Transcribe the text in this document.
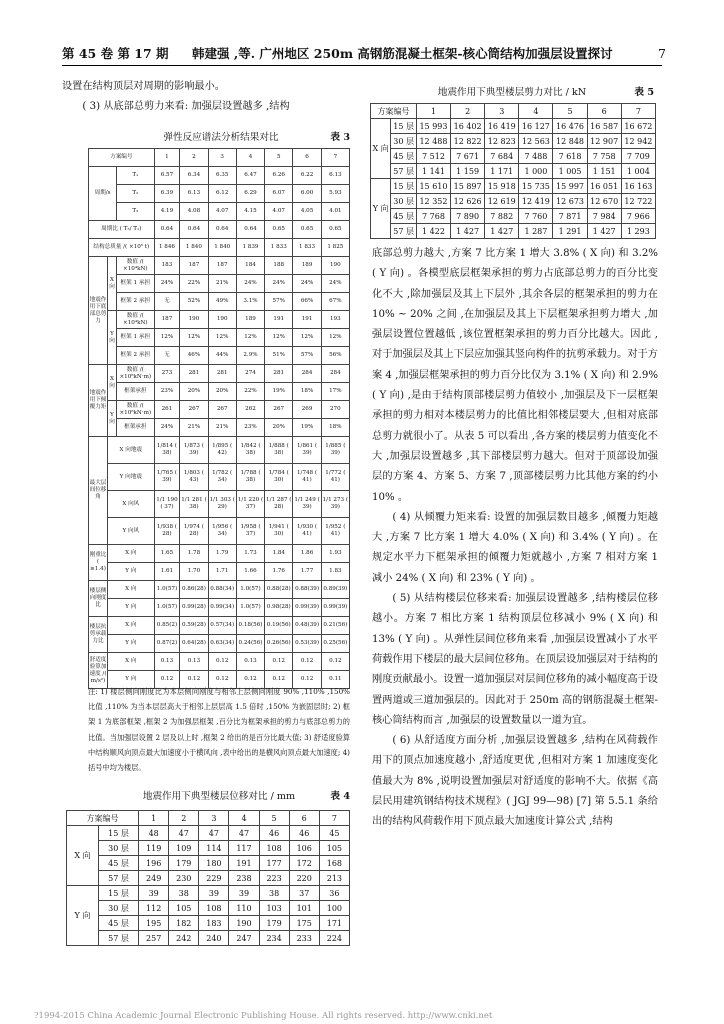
第 45 卷 第 17 期 韩建强 ,等. 广州地区 250m 高钢筋混凝土框架-核心筒结构加强层设置探讨	7

设置在结构顶层对周期的影响最小。

( 3) 从底部总剪力来看: 加强层设置越多 ,结构

弹性反应谱法分析结果对比	表 3
方案编号			1	2	3	4	5	6	7
周期/s		T₁	6.57	6.34	6.35	6.47	6.26	6.22	6.13
		T₂	6.39	6.13	6.12	6.29	6.07	6.00	5.93
		T₃	4.19	4.08	4.07	4.15	4.07	4.05	4.01
周期比 ( T₃/ T₁)			0.64	0.64	0.64	0.64	0.65	0.65	0.65
结构总质量 /( ×10⁵ t)			1 846	1 840	1 840	1 839	1 833	1 833	1 825
地震作用下底部总剪力	X 向	数值 /( ×10⁴kN)	183	187	187	184	188	189	190
		框架 1 承担	24%	22%	21%	24%	24%	24%	24%
		框架 2 承担	无	52%	49%	3.1%	57%	66%	67%
	Y 向	数值 /( ×10⁴kN)	187	190	190	189	191	191	193
		框架 1 承担	12%	12%	12%	12%	12%	12%	12%
		框架 2 承担	无	46%	44%	2.9%	51%	57%	56%
地震作用下倾覆力矩	X 向	数值 /( ×10⁶kN·m)	273	281	281	274	281	284	284
		框架承担	23%	20%	20%	22%	19%	18%	17%
	Y 向	数值 /( ×10⁶kN·m)	261	267	267	262	267	269	270
		框架承担	24%	21%	21%	23%	20%	19%	18%
最大层间位移角	X 向地震		1/814 ( 38)	1/873 ( 39)	1/895 ( 42)	1/842 ( 38)	1/888 ( 38)	1/861 ( 39)	1/885 ( 39)
	Y 向地震		1/765 ( 39)	1/803 ( 43)	1/782 ( 34)	1/788 ( 38)	1/784 ( 30)	1/748 ( 41)	1/772 ( 41)
	X 向风		1/1 190 ( 37)	1/1 281 ( 38)	1/1 303 ( 29)	1/1 220 ( 37)	1/1 287 ( 28)	1/1 249 ( 39)	1/1 273 ( 39)
	Y 向风		1/938 ( 28)	1/974 ( 28)	1/956 ( 34)	1/958 ( 37)	1/941 ( 30)	1/930 ( 41)	1/952 ( 41)
刚重比 ( ≥1.4)	X 向		1.65	1.78	1.79	1.73	1.84	1.86	1.93
	Y 向		1.61	1.70	1.71	1.66	1.76	1.77	1.83
楼层侧向刚度比	X 向		1.0(57)	0.86(28)	0.88(34)	1.0(57)	0.88(28)	0.88(39)	0.89(39)
	Y 向		1.0(57)	0.99(28)	0.99(34)	1.0(57)	0.98(28)	0.99(39)	0.99(39)
楼层抗剪承载力比	X 向		0.85(2)	0.59(28)	0.57(34)	0.18(56)	0.19(56)	0.48(39)	0.21(56)
	Y 向		0.87(2)	0.64(28)	0.63(34)	0.24(56)	0.26(56)	0.53(39)	0.25(56)
舒适度验算加速度 /( m/s²)	X 向		0.13	0.13	0.12	0.13	0.12	0.12	0.12
	Y 向		0.12	0.12	0.12	0.12	0.12	0.12	0.11
注: 1) 楼层侧向刚度比为本层侧向刚度与相邻上层侧向刚度 90% ,110% ,150% 比值 ,110% 为当本层层高大于相邻上层层高 1.5 倍时 ,150% 为嵌固层时; 2) 框架 1 为底部框架 ,框架 2 为加强层框架 ,百分比为框架承担的剪力与底部总剪力的比值。当加强层设置 2 层及以上时 ,框架 2 给出的是百分比最大值; 3) 舒适度验算中结构顺风向顶点最大加速度小于横风向 ,表中给出的是横风向顶点最大加速度; 4) 括号中均为楼层。
地震作用下典型楼层位移对比 / mm	表 4
方案编号		1	2	3	4	5	6	7
X 向	15 层	48	47	47	47	46	46	45
	30 层	119	109	114	117	108	106	105
	45 层	196	179	180	191	177	172	168
	57 层	249	230	229	238	223	220	213
Y 向	15 层	39	38	39	39	38	37	36
	30 层	112	105	108	110	103	101	100
	45 层	195	182	183	190	179	175	171
	57 层	257	242	240	247	234	233	224
地震作用下典型楼层剪力对比 / kN	表 5
方案编号		1	2	3	4	5	6	7
X 向	15 层	15 993	16 402	16 419	16 127	16 476	16 587	16 672
	30 层	12 488	12 822	12 823	12 563	12 848	12 907	12 942
	45 层	7 512	7 671	7 684	7 488	7 618	7 758	7 709
	57 层	1 141	1 159	1 171	1 000	1 005	1 151	1 004
Y 向	15 层	15 610	15 897	15 918	15 735	15 997	16 051	16 163
	30 层	12 352	12 626	12 619	12 419	12 673	12 670	12 722
	45 层	7 768	7 890	7 882	7 760	7 871	7 984	7 966
	57 层	1 422	1 427	1 427	1 287	1 291	1 427	1 293

底部总剪力越大 ,方案 7 比方案 1 增大 3.8% ( X 向) 和 3.2% ( Y 向) 。各模型底层框架承担的剪力占底部总剪力的百分比变化不大 ,除加强层及其上下层外 ,其余各层的框架承担的剪力在 10% ~ 20% 之间 ,在加强层及其上下层框架承担剪力增大 ,加强层设置位置越低 ,该位置框架承担的剪力百分比越大。因此 ,对于加强层及其上下层应加强其竖向构件的抗剪承载力。对于方案 4 ,加强层框架承担的剪力百分比仅为 3.1% ( X 向) 和 2.9% ( Y 向) ,是由于结构顶部楼层剪力值较小 ,加强层及下一层框架承担的剪力相对本楼层剪力的比值比相邻楼层要大 ,但相对底部总剪力就很小了。从表 5 可以看出 ,各方案的楼层剪力值变化不大 ,加强层设置越多 ,其下部楼层剪力越大。但对于顶部设加强层的方案 4、方案 5、方案 7 ,顶部楼层剪力比其他方案的约小 10% 。

( 4) 从倾覆力矩来看: 设置的加强层数目越多 ,倾覆力矩越大 ,方案 7 比方案 1 增大 4.0% ( X 向) 和 3.4% ( Y 向) 。在规定水平力下框架承担的倾覆力矩就越小 ,方案 7 相对方案 1 减小 24% ( X 向) 和 23% ( Y 向) 。

( 5) 从结构楼层位移来看: 加强层设置越多 ,结构楼层位移越小。方案 7 相比方案 1 结构顶层位移减小 9% ( X 向) 和 13% ( Y 向) 。从弹性层间位移角来看 ,加强层设置减小了水平荷载作用下楼层的最大层间位移角。在顶层设加强层对于结构的刚度贡献最小。设置一道加强层对层间位移角的减小幅度高于设置两道或三道加强层的。因此对于 250m 高的钢筋混凝土框架-核心筒结构而言 ,加强层的设置数量以一道为宜。

( 6) 从舒适度方面分析 ,加强层设置越多 ,结构在风荷载作用下的顶点加速度越小 ,舒适度更优 ,但相对方案 1 加速度变化值最大为 8% ,说明设置加强层对舒适度的影响不大。依据《高层民用建筑钢结构技术规程》( JGJ 99—98) [7] 第 5.5.1 条给出的结构风荷载作用下顶点最大加速度计算公式 ,结构

?1994-2015 China Academic Journal Electronic Publishing House. All rights reserved. http://www.cnki.net
